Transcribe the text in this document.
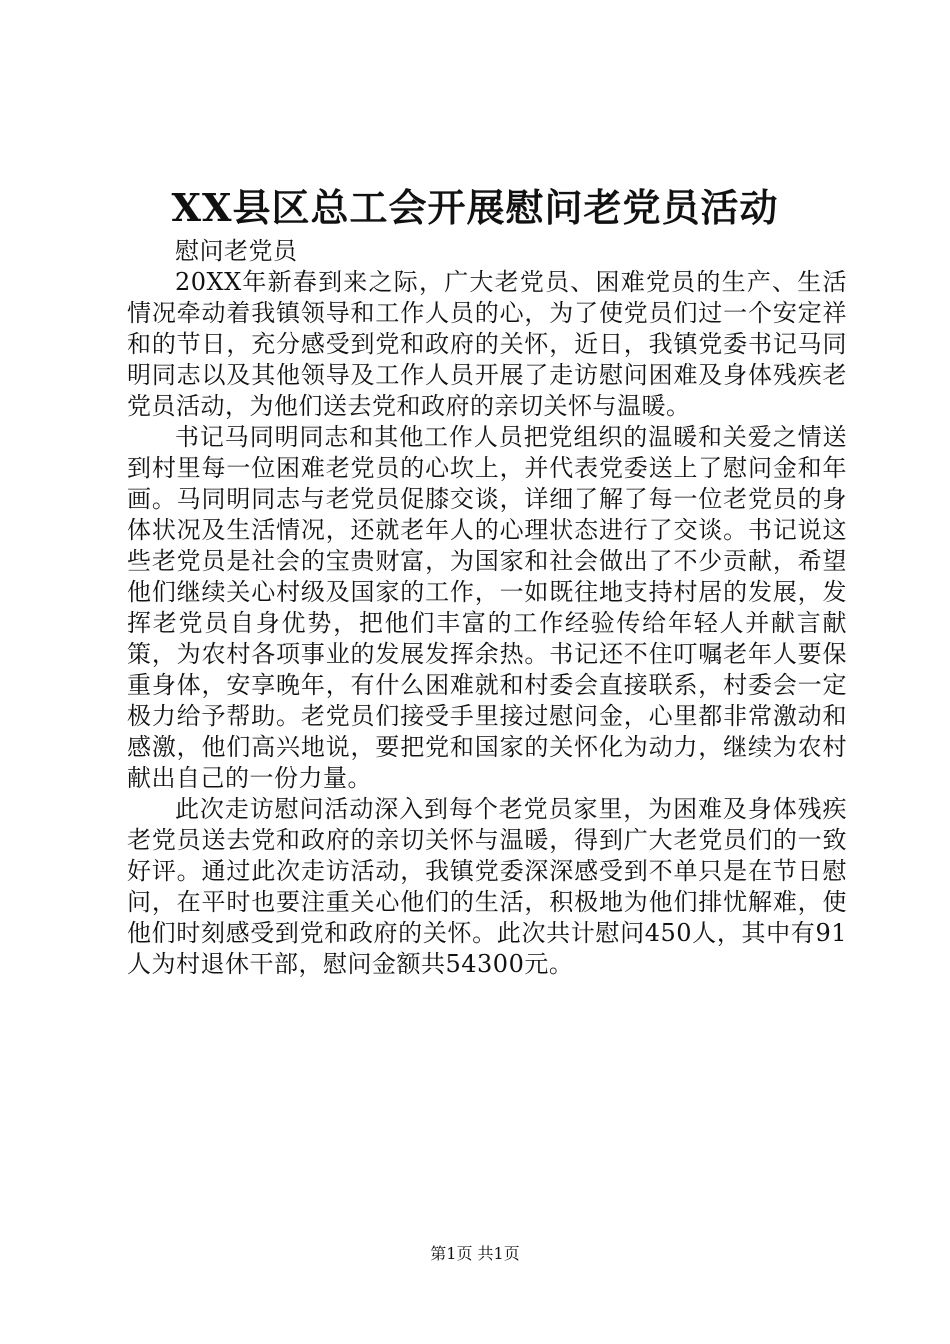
XX县区总工会开展慰问老党员活动

慰问老党员

20XX年新春到来之际，广大老党员、困难党员的生产、生活情况牵动着我镇领导和工作人员的心，为了使党员们过一个安定祥和的节日，充分感受到党和政府的关怀，近日，我镇党委书记马同明同志以及其他领导及工作人员开展了走访慰问困难及身体残疾老党员活动，为他们送去党和政府的亲切关怀与温暖。

书记马同明同志和其他工作人员把党组织的温暖和关爱之情送到村里每一位困难老党员的心坎上，并代表党委送上了慰问金和年画。马同明同志与老党员促膝交谈，详细了解了每一位老党员的身体状况及生活情况，还就老年人的心理状态进行了交谈。书记说这些老党员是社会的宝贵财富，为国家和社会做出了不少贡献，希望他们继续关心村级及国家的工作，一如既往地支持村居的发展，发挥老党员自身优势，把他们丰富的工作经验传给年轻人并献言献策，为农村各项事业的发展发挥余热。书记还不住叮嘱老年人要保重身体，安享晚年，有什么困难就和村委会直接联系，村委会一定极力给予帮助。老党员们接受手里接过慰问金，心里都非常激动和感激，他们高兴地说，要把党和国家的关怀化为动力，继续为农村献出自己的一份力量。

此次走访慰问活动深入到每个老党员家里，为困难及身体残疾老党员送去党和政府的亲切关怀与温暖，得到广大老党员们的一致好评。通过此次走访活动，我镇党委深深感受到不单只是在节日慰问，在平时也要注重关心他们的生活，积极地为他们排忧解难，使他们时刻感受到党和政府的关怀。此次共计慰问450人，其中有91人为村退休干部，慰问金额共54300元。

第1页 共1页
